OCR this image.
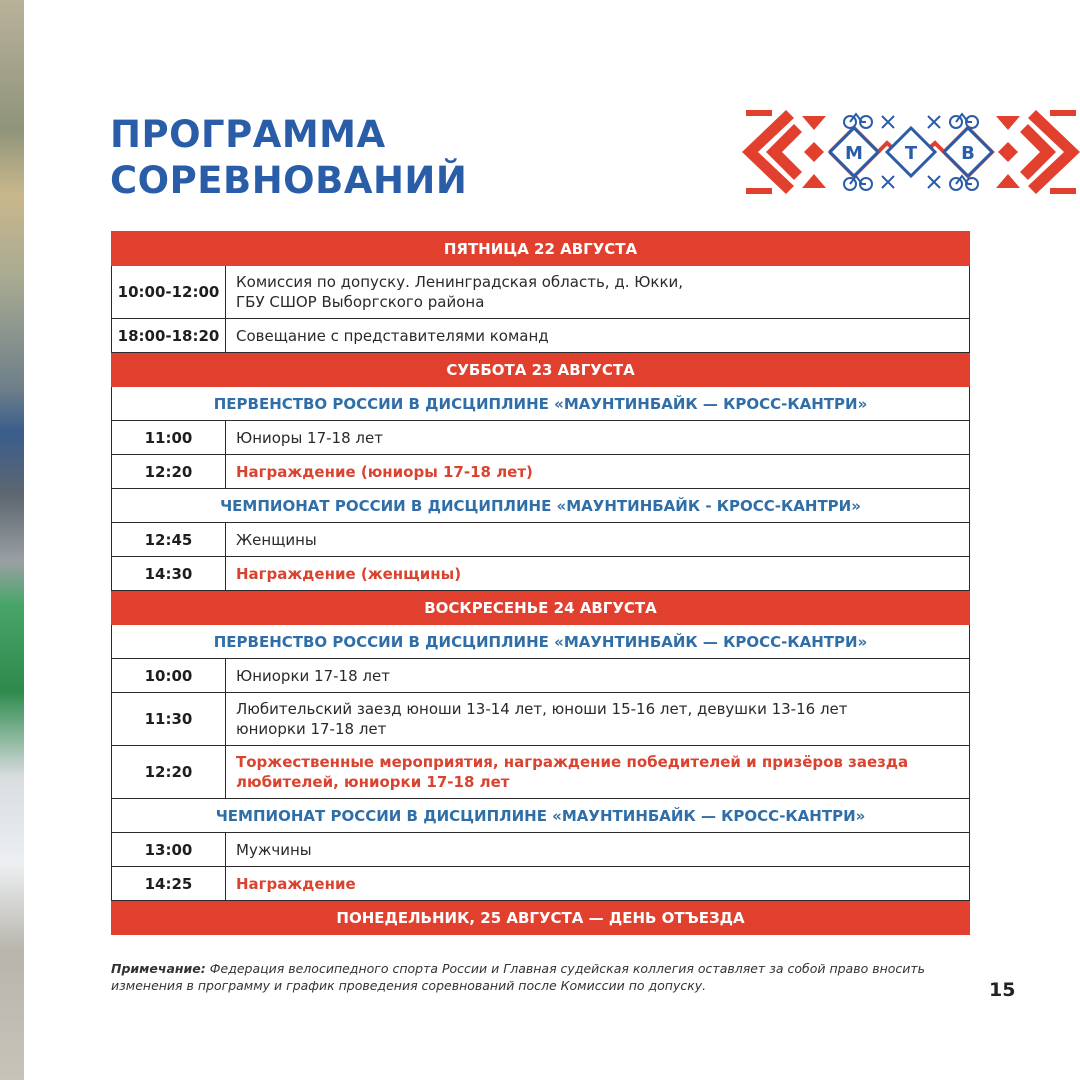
ПРОГРАММА
СОРЕВНОВАНИЙ
М Т В
ПЯТНИЦА 22 АВГУСТА	
10:00-12:00	Комиссия по допуску. Ленинградская область, д. Юкки,
ГБУ СШОР Выборгского района

18:00-18:20	Совещание с представителями команд
СУББОТА 23 АВГУСТА	
ПЕРВЕНСТВО РОССИИ В ДИСЦИПЛИНЕ «МАУНТИНБАЙК — КРОСС-КАНТРИ»	
11:00	Юниоры 17-18 лет
12:20	Награждение (юниоры 17-18 лет)
ЧЕМПИОНАТ РОССИИ В ДИСЦИПЛИНЕ «МАУНТИНБАЙК - КРОСС-КАНТРИ»	
12:45	Женщины
14:30	Награждение (женщины)
ВОСКРЕСЕНЬЕ 24 АВГУСТА	
ПЕРВЕНСТВО РОССИИ В ДИСЦИПЛИНЕ «МАУНТИНБАЙК — КРОСС-КАНТРИ»	
10:00	Юниорки 17-18 лет
11:30	Любительский заезд юноши 13-14 лет, юноши 15-16 лет, девушки 13-16 лет
юниорки 17-18 лет

12:20	Торжественные мероприятия, награждение победителей и призёров заезда
любителей, юниорки 17-18 лет

ЧЕМПИОНАТ РОССИИ В ДИСЦИПЛИНЕ «МАУНТИНБАЙК — КРОСС-КАНТРИ»	
13:00	Мужчины
14:25	Награждение
ПОНЕДЕЛЬНИК, 25 АВГУСТА — ДЕНЬ ОТЪЕЗДА	

Примечание: Федерация велосипедного спорта России и Главная судейская коллегия оставляет за собой право вносить изменения в программу и график проведения соревнований после Комиссии по допуску.	15
